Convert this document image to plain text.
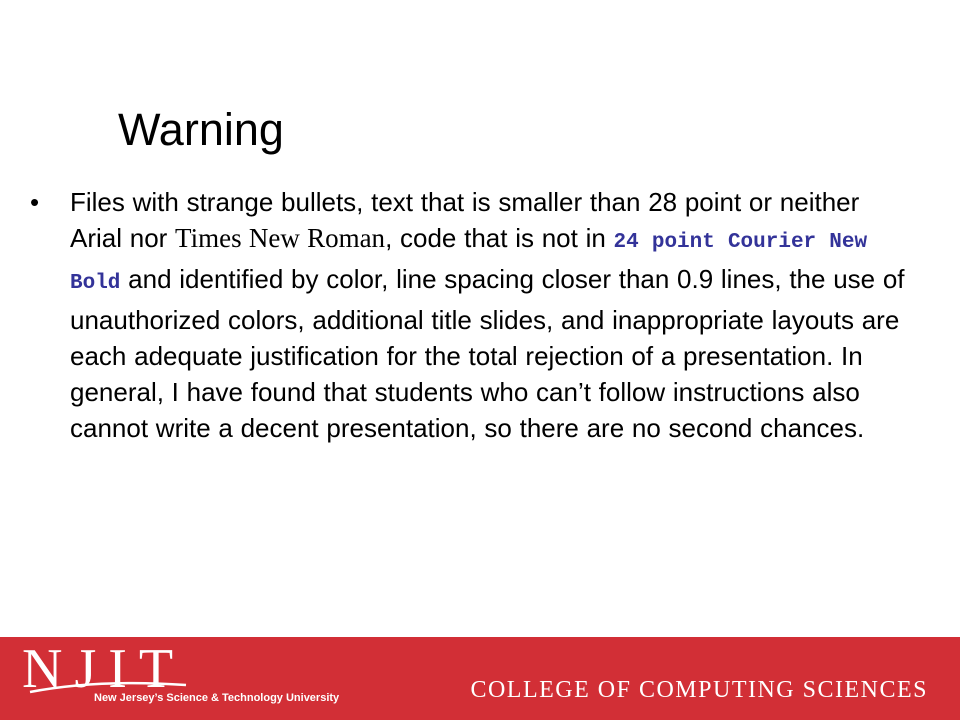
Warning
• Files with strange bullets, text that is smaller than 28 point or neither Arial nor Times New Roman, code that is not in 24 point Courier New Bold and identified by color, line spacing closer than 0.9 lines, the use of unauthorized colors, additional title slides, and inappropriate layouts are each adequate justification for the total rejection of a presentation. In general, I have found that students who can’t follow instructions also cannot write a decent presentation, so there are no second chances.
NJIT
New Jersey’s Science & Technology University	COLLEGE OF COMPUTING SCIENCES
